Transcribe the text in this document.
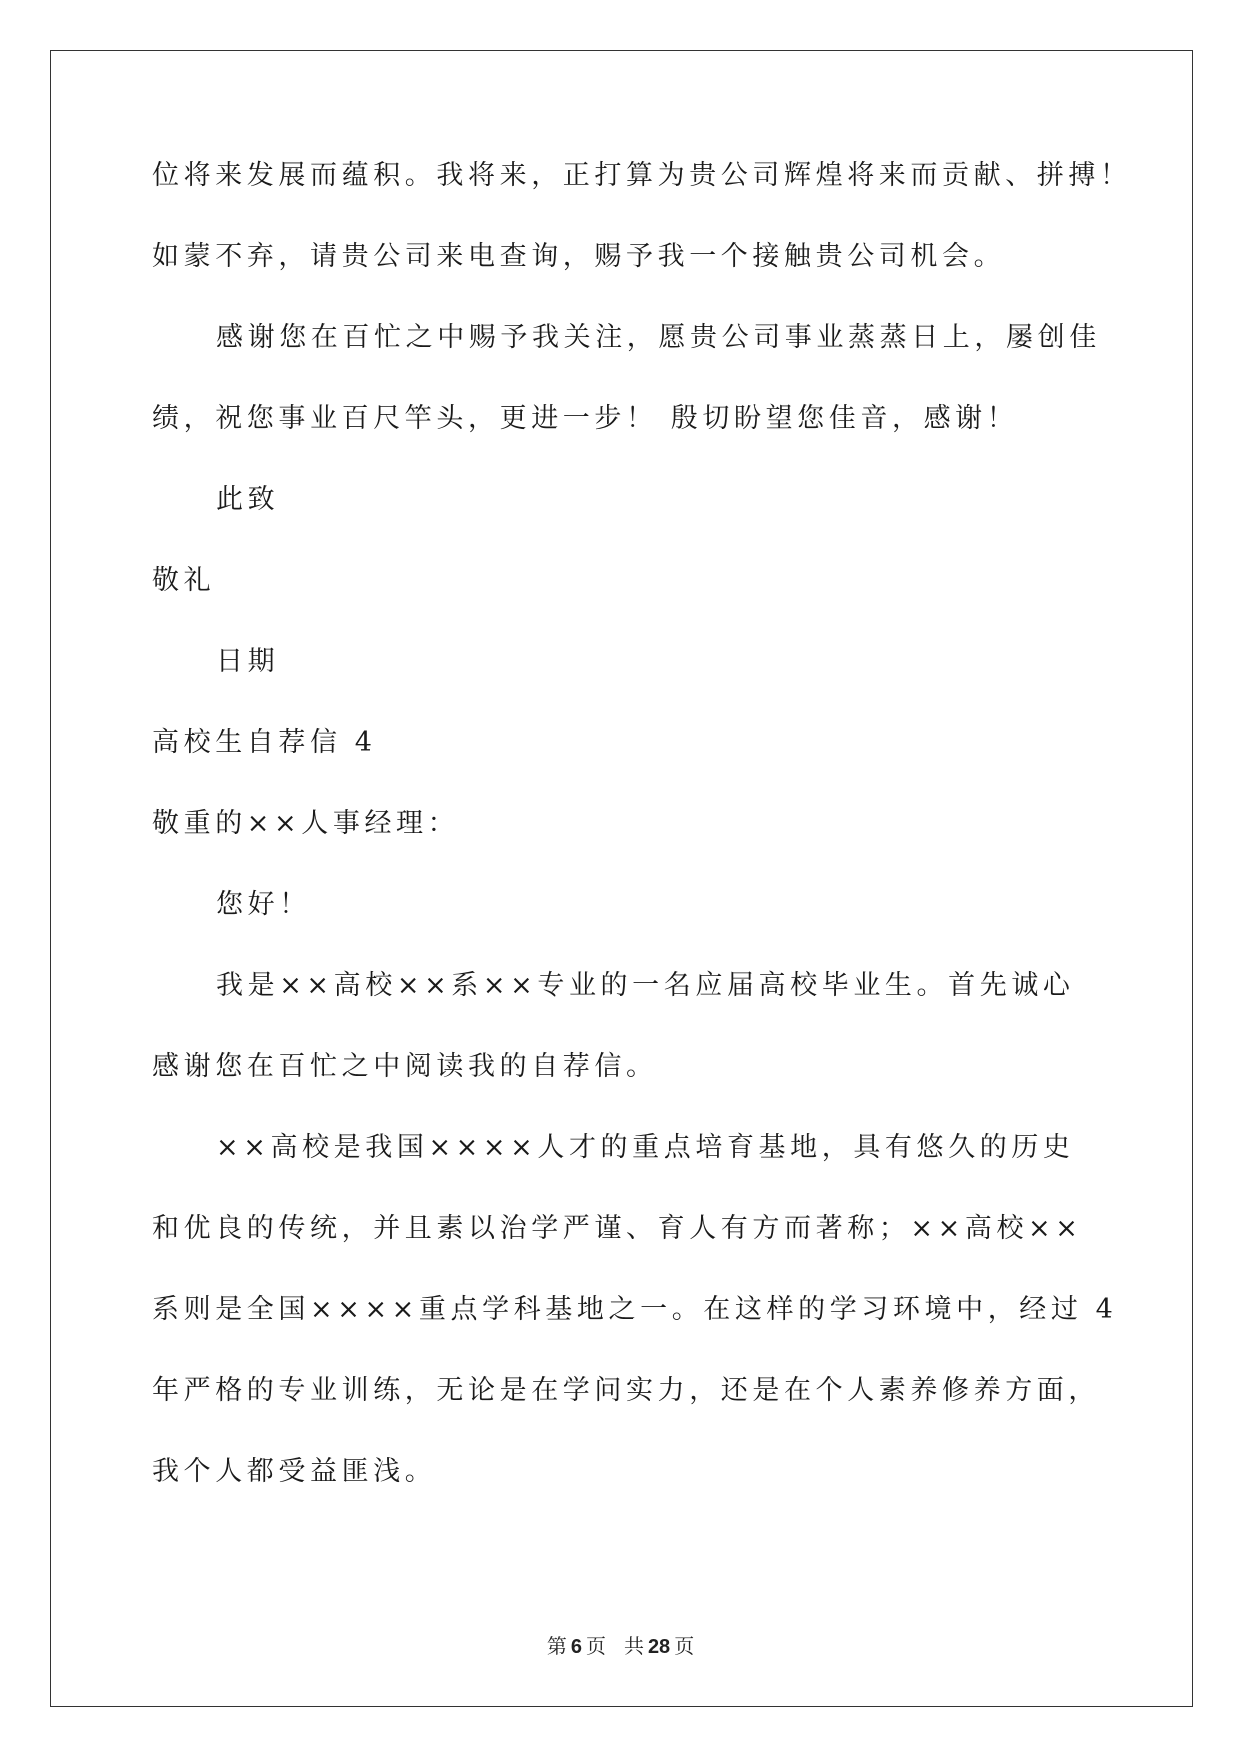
位将来发展而蕴积。我将来，正打算为贵公司辉煌将来而贡献、拼搏！
如蒙不弃，请贵公司来电查询，赐予我一个接触贵公司机会。
感谢您在百忙之中赐予我关注，愿贵公司事业蒸蒸日上，屡创佳
绩，祝您事业百尺竿头，更进一步！ 殷切盼望您佳音，感谢！
此致
敬礼
日期
高校生自荐信 4
敬重的××人事经理：
您好！
我是××高校××系××专业的一名应届高校毕业生。首先诚心
感谢您在百忙之中阅读我的自荐信。
××高校是我国××××人才的重点培育基地，具有悠久的历史
和优良的传统，并且素以治学严谨、育人有方而著称；××高校××
系则是全国××××重点学科基地之一。在这样的学习环境中，经过 4
年严格的专业训练，无论是在学问实力，还是在个人素养修养方面，
我个人都受益匪浅。
第 6 页 共 28 页
